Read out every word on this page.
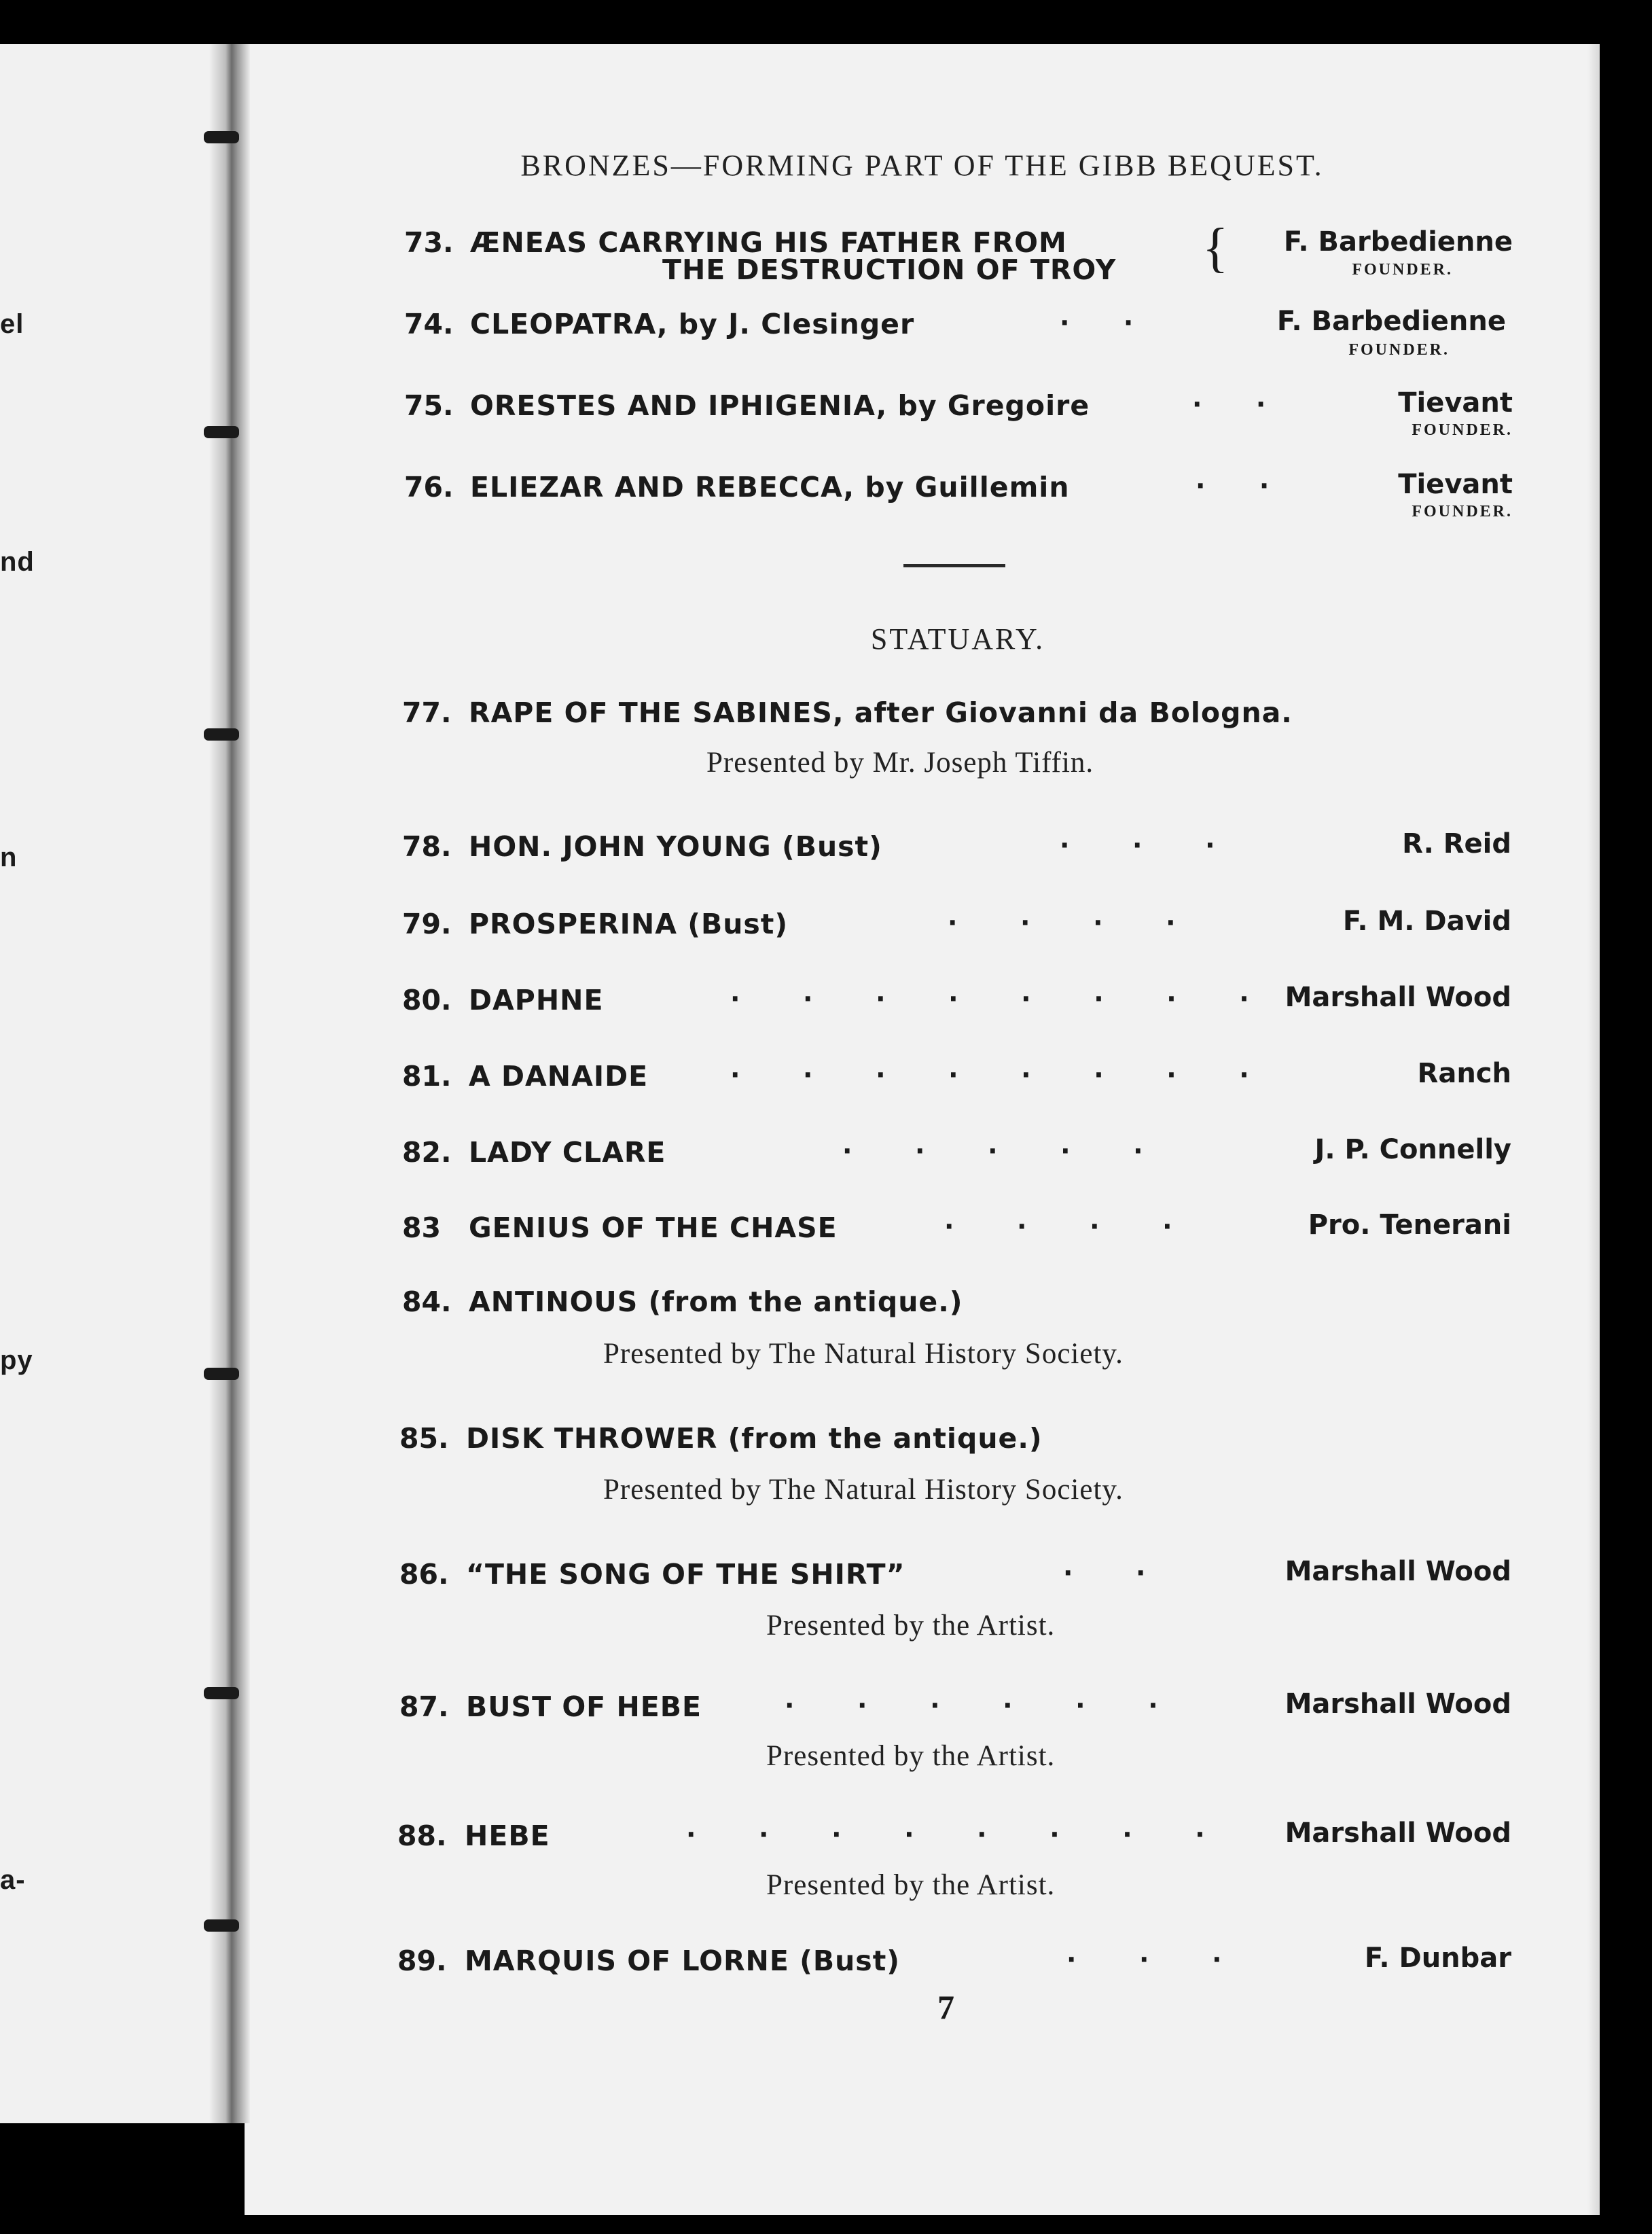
el
nd
n
py
a-
BRONZES—FORMING PART OF THE GIBB BEQUEST.
73. ÆNEAS CARRYING HIS FATHER FROM
THE DESTRUCTION OF TROY { F. Barbedienne
FOUNDER.
74. CLEOPATRA, by J. Clesinger	·      ·	F. Barbedienne
FOUNDER.
75. ORESTES AND IPHIGENIA, by Gregoire	·      ·	Tievant
FOUNDER.
76. ELIEZAR AND REBECCA, by Guillemin	·      ·	Tievant
FOUNDER.
STATUARY.
77. RAPE OF THE SABINES, after Giovanni da Bologna.
Presented by Mr. Joseph Tiffin.
78. HON. JOHN YOUNG (Bust)	·       ·       ·	R. Reid
79. PROSPERINA (Bust)	·       ·       ·       ·	F. M. David
80. DAPHNE	·       ·       ·       ·       ·       ·       ·       · Marshall Wood
81. A DANAIDE	·       ·       ·       ·       ·       ·       ·       ·	Ranch
82. LADY CLARE	·       ·       ·       ·       ·	J. P. Connelly
83 GENIUS OF THE CHASE	·       ·       ·       ·	Pro. Tenerani
84. ANTINOUS (from the antique.)
Presented by The Natural History Society.
85. DISK THROWER (from the antique.)
Presented by The Natural History Society.
86. “THE SONG OF THE SHIRT”	·       ·	Marshall Wood
Presented by the Artist.
87. BUST OF HEBE	·       ·       ·       ·       ·       ·	Marshall Wood
Presented by the Artist.
88. HEBE	·       ·       ·       ·       ·       ·       ·       ·	Marshall Wood
Presented by the Artist.
89. MARQUIS OF LORNE (Bust)	·       ·       ·	F. Dunbar
7
